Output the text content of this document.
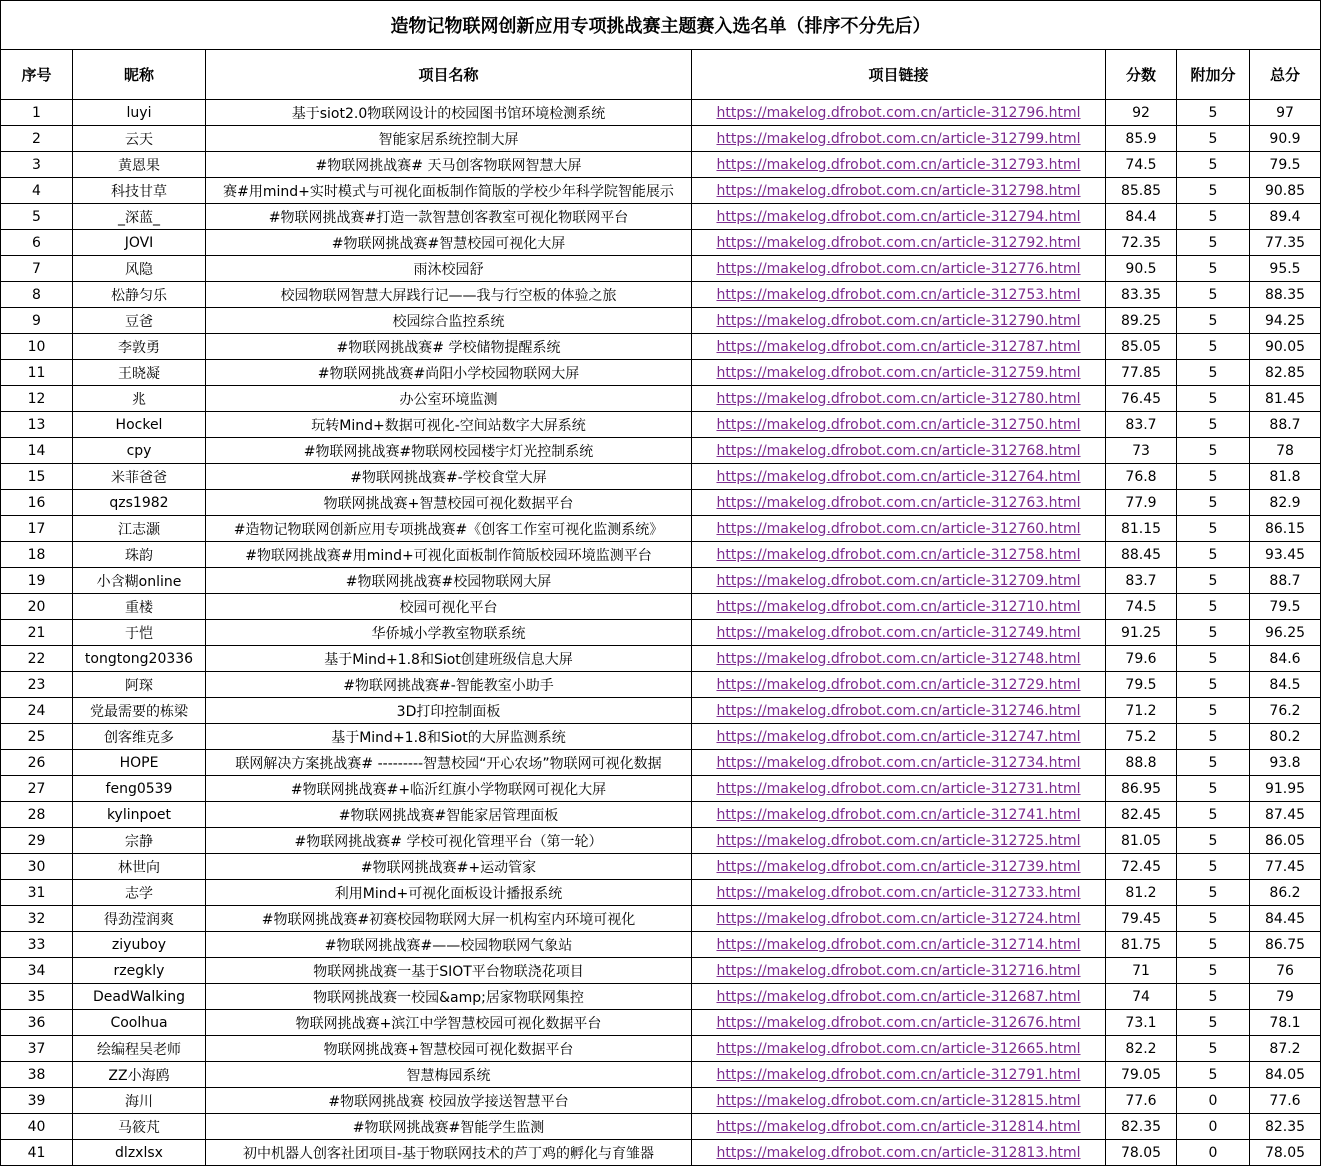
造物记物联网创新应用专项挑战赛主题赛入选名单（排序不分先后）						
序号	昵称	项目名称	项目链接	分数	附加分	总分
1	luyi	基于siot2.0物联网设计的校园图书馆环境检测系统	https://makelog.dfrobot.com.cn/article-312796.html	92	5	97
2	云天	智能家居系统控制大屏	https://makelog.dfrobot.com.cn/article-312799.html	85.9	5	90.9
3	黄恩果	#物联网挑战赛# 天马创客物联网智慧大屏	https://makelog.dfrobot.com.cn/article-312793.html	74.5	5	79.5
4	科技甘草	赛#用mind+实时模式与可视化面板制作简版的学校少年科学院智能展示	https://makelog.dfrobot.com.cn/article-312798.html	85.85	5	90.85
5	_深蓝_	#物联网挑战赛#打造一款智慧创客教室可视化物联网平台	https://makelog.dfrobot.com.cn/article-312794.html	84.4	5	89.4
6	JOVI	#物联网挑战赛#智慧校园可视化大屏	https://makelog.dfrobot.com.cn/article-312792.html	72.35	5	77.35
7	风隐	雨沐校园舒	https://makelog.dfrobot.com.cn/article-312776.html	90.5	5	95.5
8	松静匀乐	校园物联网智慧大屏践行记——我与行空板的体验之旅	https://makelog.dfrobot.com.cn/article-312753.html	83.35	5	88.35
9	豆爸	校园综合监控系统	https://makelog.dfrobot.com.cn/article-312790.html	89.25	5	94.25
10	李敦勇	#物联网挑战赛# 学校储物提醒系统	https://makelog.dfrobot.com.cn/article-312787.html	85.05	5	90.05
11	王晓凝	#物联网挑战赛#尚阳小学校园物联网大屏	https://makelog.dfrobot.com.cn/article-312759.html	77.85	5	82.85
12	兆	办公室环境监测	https://makelog.dfrobot.com.cn/article-312780.html	76.45	5	81.45
13	Hockel	玩转Mind+数据可视化-空间站数字大屏系统	https://makelog.dfrobot.com.cn/article-312750.html	83.7	5	88.7
14	cpy	#物联网挑战赛#物联网校园楼宇灯光控制系统	https://makelog.dfrobot.com.cn/article-312768.html	73	5	78
15	米菲爸爸	#物联网挑战赛#-学校食堂大屏	https://makelog.dfrobot.com.cn/article-312764.html	76.8	5	81.8
16	qzs1982	物联网挑战赛+智慧校园可视化数据平台	https://makelog.dfrobot.com.cn/article-312763.html	77.9	5	82.9
17	江志灏	#造物记物联网创新应用专项挑战赛#《创客工作室可视化监测系统》	https://makelog.dfrobot.com.cn/article-312760.html	81.15	5	86.15
18	珠韵	#物联网挑战赛#用mind+可视化面板制作简版校园环境监测平台	https://makelog.dfrobot.com.cn/article-312758.html	88.45	5	93.45
19	小含糊online	#物联网挑战赛#校园物联网大屏	https://makelog.dfrobot.com.cn/article-312709.html	83.7	5	88.7
20	重楼	校园可视化平台	https://makelog.dfrobot.com.cn/article-312710.html	74.5	5	79.5
21	于恺	华侨城小学教室物联系统	https://makelog.dfrobot.com.cn/article-312749.html	91.25	5	96.25
22	tongtong20336	基于Mind+1.8和Siot创建班级信息大屏	https://makelog.dfrobot.com.cn/article-312748.html	79.6	5	84.6
23	阿琛	#物联网挑战赛#-智能教室小助手	https://makelog.dfrobot.com.cn/article-312729.html	79.5	5	84.5
24	党最需要的栋梁	3D打印控制面板	https://makelog.dfrobot.com.cn/article-312746.html	71.2	5	76.2
25	创客维克多	基于Mind+1.8和Siot的大屏监测系统	https://makelog.dfrobot.com.cn/article-312747.html	75.2	5	80.2
26	HOPE	联网解决方案挑战赛# ---------智慧校园“开心农场”物联网可视化数据	https://makelog.dfrobot.com.cn/article-312734.html	88.8	5	93.8
27	feng0539	#物联网挑战赛#+临沂红旗小学物联网可视化大屏	https://makelog.dfrobot.com.cn/article-312731.html	86.95	5	91.95
28	kylinpoet	#物联网挑战赛#智能家居管理面板	https://makelog.dfrobot.com.cn/article-312741.html	82.45	5	87.45
29	宗静	#物联网挑战赛# 学校可视化管理平台（第一轮）	https://makelog.dfrobot.com.cn/article-312725.html	81.05	5	86.05
30	林世向	#物联网挑战赛#+运动管家	https://makelog.dfrobot.com.cn/article-312739.html	72.45	5	77.45
31	志学	利用Mind+可视化面板设计播报系统	https://makelog.dfrobot.com.cn/article-312733.html	81.2	5	86.2
32	得劲滢润爽	#物联网挑战赛#初赛校园物联网大屏一机构室内环境可视化	https://makelog.dfrobot.com.cn/article-312724.html	79.45	5	84.45
33	ziyuboy	#物联网挑战赛#——校园物联网气象站	https://makelog.dfrobot.com.cn/article-312714.html	81.75	5	86.75
34	rzegkly	物联网挑战赛一基于SIOT平台物联浇花项目	https://makelog.dfrobot.com.cn/article-312716.html	71	5	76
35	DeadWalking	物联网挑战赛一校园&amp;居家物联网集控	https://makelog.dfrobot.com.cn/article-312687.html	74	5	79
36	Coolhua	物联网挑战赛+滨江中学智慧校园可视化数据平台	https://makelog.dfrobot.com.cn/article-312676.html	73.1	5	78.1
37	绘编程吴老师	物联网挑战赛+智慧校园可视化数据平台	https://makelog.dfrobot.com.cn/article-312665.html	82.2	5	87.2
38	ZZ小海鸥	智慧梅园系统	https://makelog.dfrobot.com.cn/article-312791.html	79.05	5	84.05
39	海川	#物联网挑战赛 校园放学接送智慧平台	https://makelog.dfrobot.com.cn/article-312815.html	77.6	0	77.6
40	马筱芃	#物联网挑战赛#智能学生监测	https://makelog.dfrobot.com.cn/article-312814.html	82.35	0	82.35
41	dlzxlsx	初中机器人创客社团项目-基于物联网技术的芦丁鸡的孵化与育雏器	https://makelog.dfrobot.com.cn/article-312813.html	78.05	0	78.05
